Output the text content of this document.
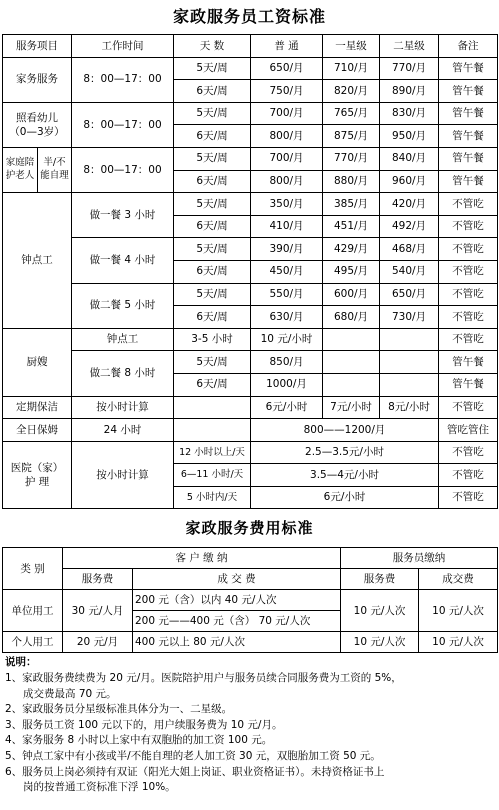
家政服务员工资标准
服务项目		工作时间	天 数	普 通	一星级	二星级	备注
家务服务		8：00—17：00	5天/周	650/月	710/月	770/月	管午餐
			6天/周	750/月	820/月	890/月	管午餐
照看幼儿
（0—3岁）		8：00—17：00	5天/周	700/月	765/月	830/月	管午餐
			6天/周	800/月	875/月	950/月	管午餐
家庭陪
护老人	半/不
能自理	8：00—17：00	5天/周	700/月	770/月	840/月	管午餐
			6天/周	800/月	880/月	960/月	管午餐
钟点工		做一餐 3 小时	5天/周	350/月	385/月	420/月	不管吃
			6天/周	410/月	451/月	492/月	不管吃
		做一餐 4 小时	5天/周	390/月	429/月	468/月	不管吃
			6天/周	450/月	495/月	540/月	不管吃
		做二餐 5 小时	5天/周	550/月	600/月	650/月	不管吃
			6天/周	630/月	680/月	730/月	不管吃
厨嫂		钟点工	3-5 小时	10 元/小时			不管吃
		做二餐 8 小时	5天/周	850/月			管午餐
			6天/周	1000/月			管午餐
定期保洁		按小时计算		6元/小时	7元/小时	8元/小时	不管吃
全日保姆		24 小时		800——1200/月			管吃管住
医院（家）
护 理		按小时计算	12 小时以上/天	2.5—3.5元/小时			不管吃
			6—11 小时/天	3.5—4元/小时			不管吃
			5 小时内/天	6元/小时			不管吃
家政服务费用标准
类 别	客 户 缴 纳		服务员缴纳	
	服务费	成 交 费	服务费	成交费
单位用工	30 元/人月	200 元（含）以内 40 元/人次	10 元/人次	10 元/人次
		200 元——400 元（含） 70 元/人次		
个人用工	20 元/月	400 元以上 80 元/人次	10 元/人次	10 元/人次
说明：
1、家政服务费续费为 20 元/月。医院陪护用户与服务员续合同服务费为工资的 5%，
成交费最高 70 元。
2、家政服务员分星级标准具体分为一、二星级。
3、服务员工资 100 元以下的，用户续服务费为 10 元/月。
4、家务服务 8 小时以上家中有双胞胎的加工资 100 元。
5、钟点工家中有小孩或半/不能自理的老人加工资 30 元，双胞胎加工资 50 元。
6、服务员上岗必须持有双证（阳光大姐上岗证、职业资格证书）。未持资格证书上
岗的按普通工资标准下浮 10%。
